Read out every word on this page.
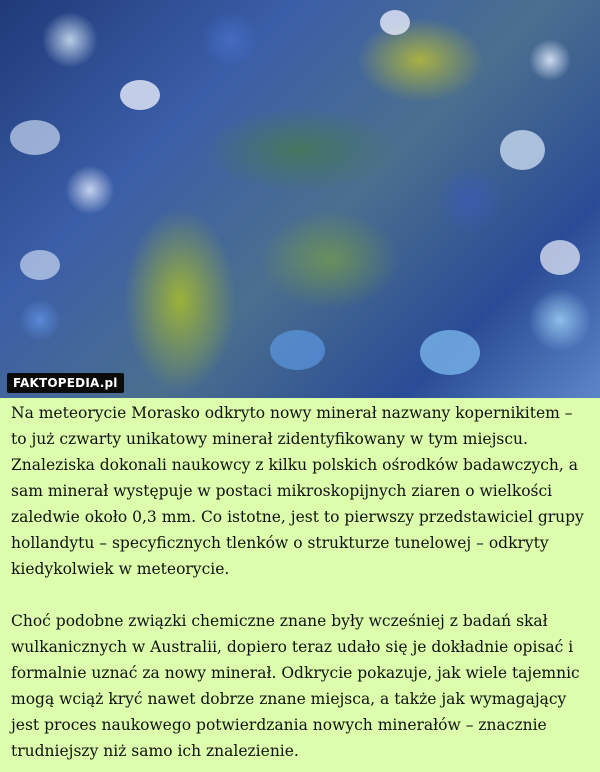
FAKTOPEDIA.pl

Na meteorycie Morasko odkryto nowy minerał nazwany kopernikitem – to już czwarty unikatowy minerał zidentyfikowany w tym miejscu. Znaleziska dokonali naukowcy z kilku polskich ośrodków badawczych, a sam minerał występuje w postaci mikroskopijnych ziaren o wielkości zaledwie około 0,3 mm. Co istotne, jest to pierwszy przedstawiciel grupy hollandytu – specyficznych tlenków o strukturze tunelowej – odkryty kiedykolwiek w meteorycie.

Choć podobne związki chemiczne znane były wcześniej z badań skał wulkanicznych w Australii, dopiero teraz udało się je dokładnie opisać i formalnie uznać za nowy minerał. Odkrycie pokazuje, jak wiele tajemnic mogą wciąż kryć nawet dobrze znane miejsca, a także jak wymagający jest proces naukowego potwierdzania nowych minerałów – znacznie trudniejszy niż samo ich znalezienie.
